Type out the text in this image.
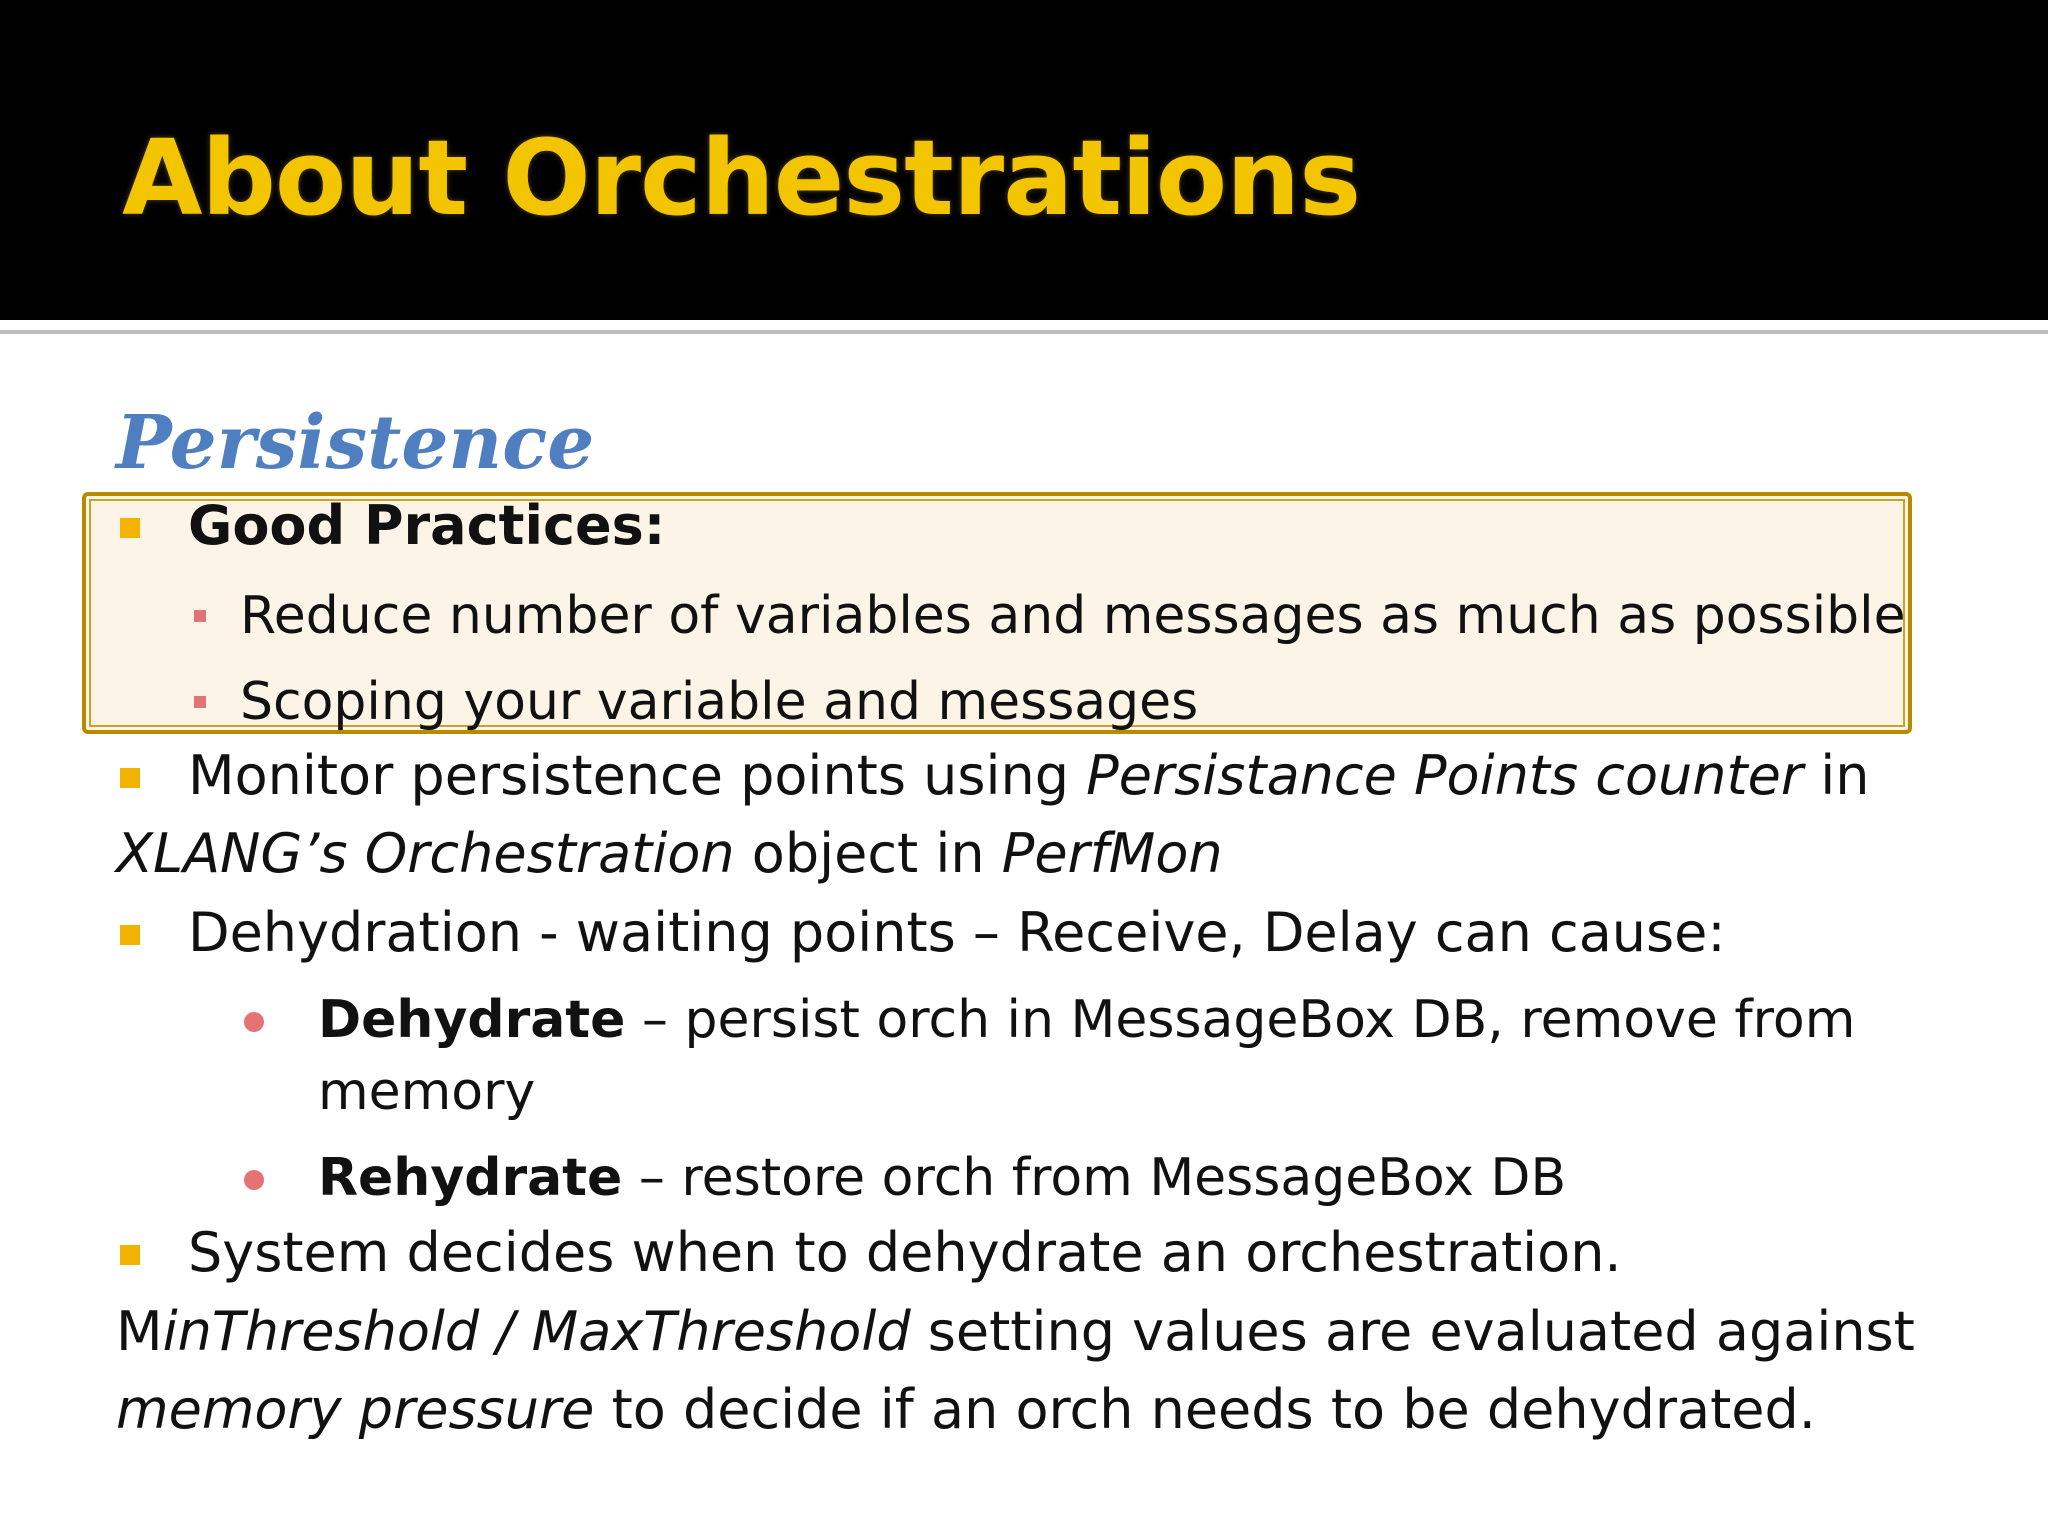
About Orchestrations
Persistence
Good Practices:
Reduce number of variables and messages as much as possible
Scoping your variable and messages
Monitor persistence points using Persistance Points counter in
XLANG’s Orchestration object in PerfMon
Dehydration - waiting points – Receive, Delay can cause:
Dehydrate – persist orch in MessageBox DB, remove from
memory
Rehydrate – restore orch from MessageBox DB
System decides when to dehydrate an orchestration.
MinThreshold / MaxThreshold setting values are evaluated against
memory pressure to decide if an orch needs to be dehydrated.
